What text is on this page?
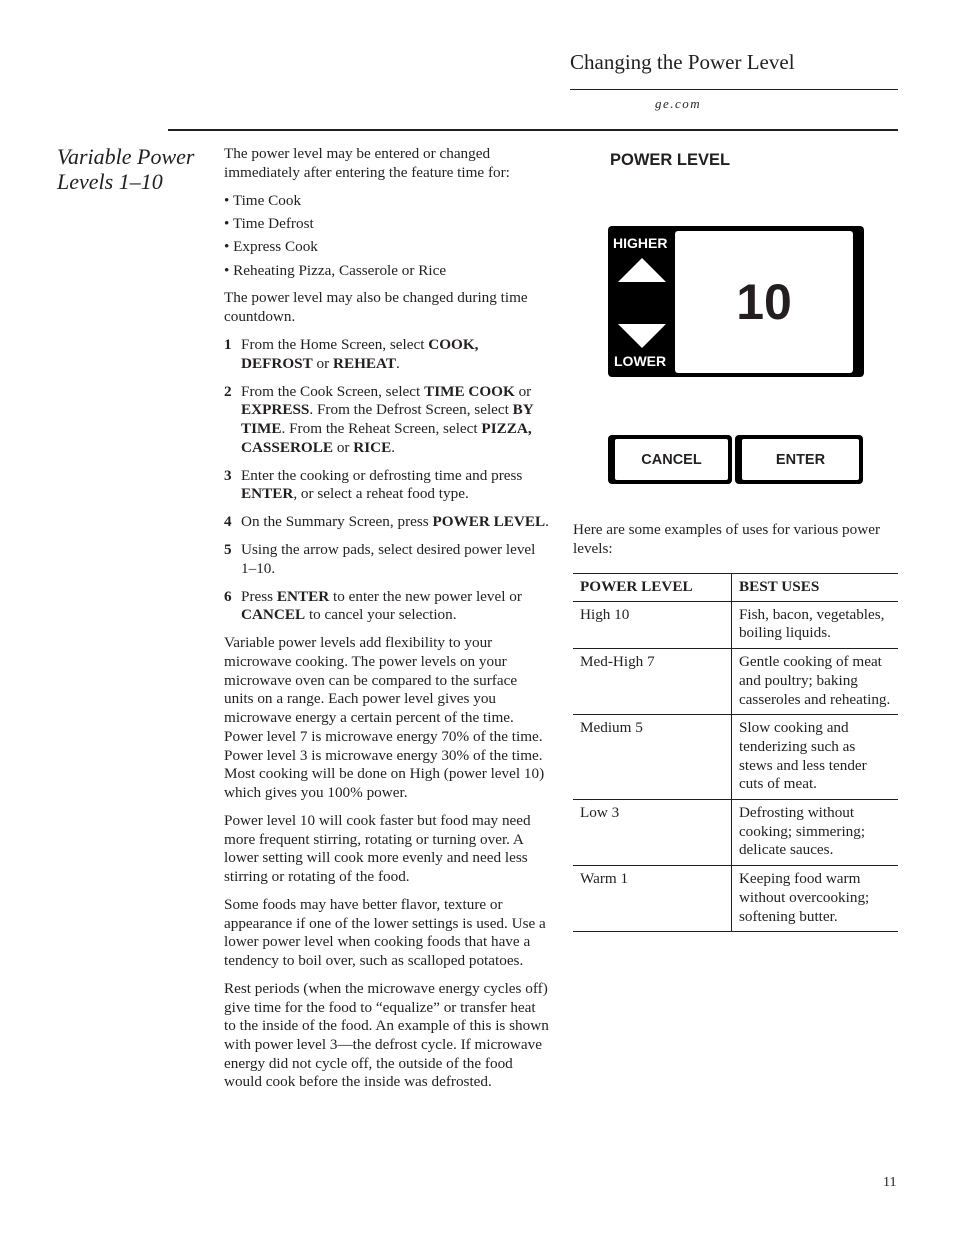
Changing the Power Level
ge.com
Variable Power Levels 1–10

The power level may be entered or changed immediately after entering the feature time for:

• Time Cook
• Time Defrost
• Express Cook
• Reheating Pizza, Casserole or Rice

The power level may also be changed during time countdown.

1 From the Home Screen, select COOK, DEFROST or REHEAT.
2 From the Cook Screen, select TIME COOK or EXPRESS. From the Defrost Screen, select BY TIME. From the Reheat Screen, select PIZZA, CASSEROLE or RICE.
3 Enter the cooking or defrosting time and press ENTER, or select a reheat food type.
4 On the Summary Screen, press POWER LEVEL.
5 Using the arrow pads, select desired power level 1–10.
6 Press ENTER to enter the new power level or CANCEL to cancel your selection.

Variable power levels add flexibility to your microwave cooking. The power levels on your microwave oven can be compared to the surface units on a range. Each power level gives you microwave energy a certain percent of the time. Power level 7 is microwave energy 70% of the time. Power level 3 is microwave energy 30% of the time. Most cooking will be done on High (power level 10) which gives you 100% power.

Power level 10 will cook faster but food may need more frequent stirring, rotating or turning over. A lower setting will cook more evenly and need less stirring or rotating of the food.

Some foods may have better flavor, texture or appearance if one of the lower settings is used. Use a lower power level when cooking foods that have a tendency to boil over, such as scalloped potatoes.

Rest periods (when the microwave energy cycles off) give time for the food to “equalize” or transfer heat to the inside of the food. An example of this is shown with power level 3—the defrost cycle. If microwave energy did not cycle off, the outside of the food would cook before the inside was defrosted.

POWER LEVEL
HIGHER
LOWER
10
CANCEL	ENTER
Here are some examples of uses for various power levels:
POWER LEVEL	BEST USES
High 10	Fish, bacon, vegetables, boiling liquids.
Med-High 7	Gentle cooking of meat and poultry; baking casseroles and reheating.
Medium 5	Slow cooking and tenderizing such as stews and less tender cuts of meat.
Low 3	Defrosting without cooking; simmering; delicate sauces.
Warm 1	Keeping food warm without overcooking; softening butter.
11
